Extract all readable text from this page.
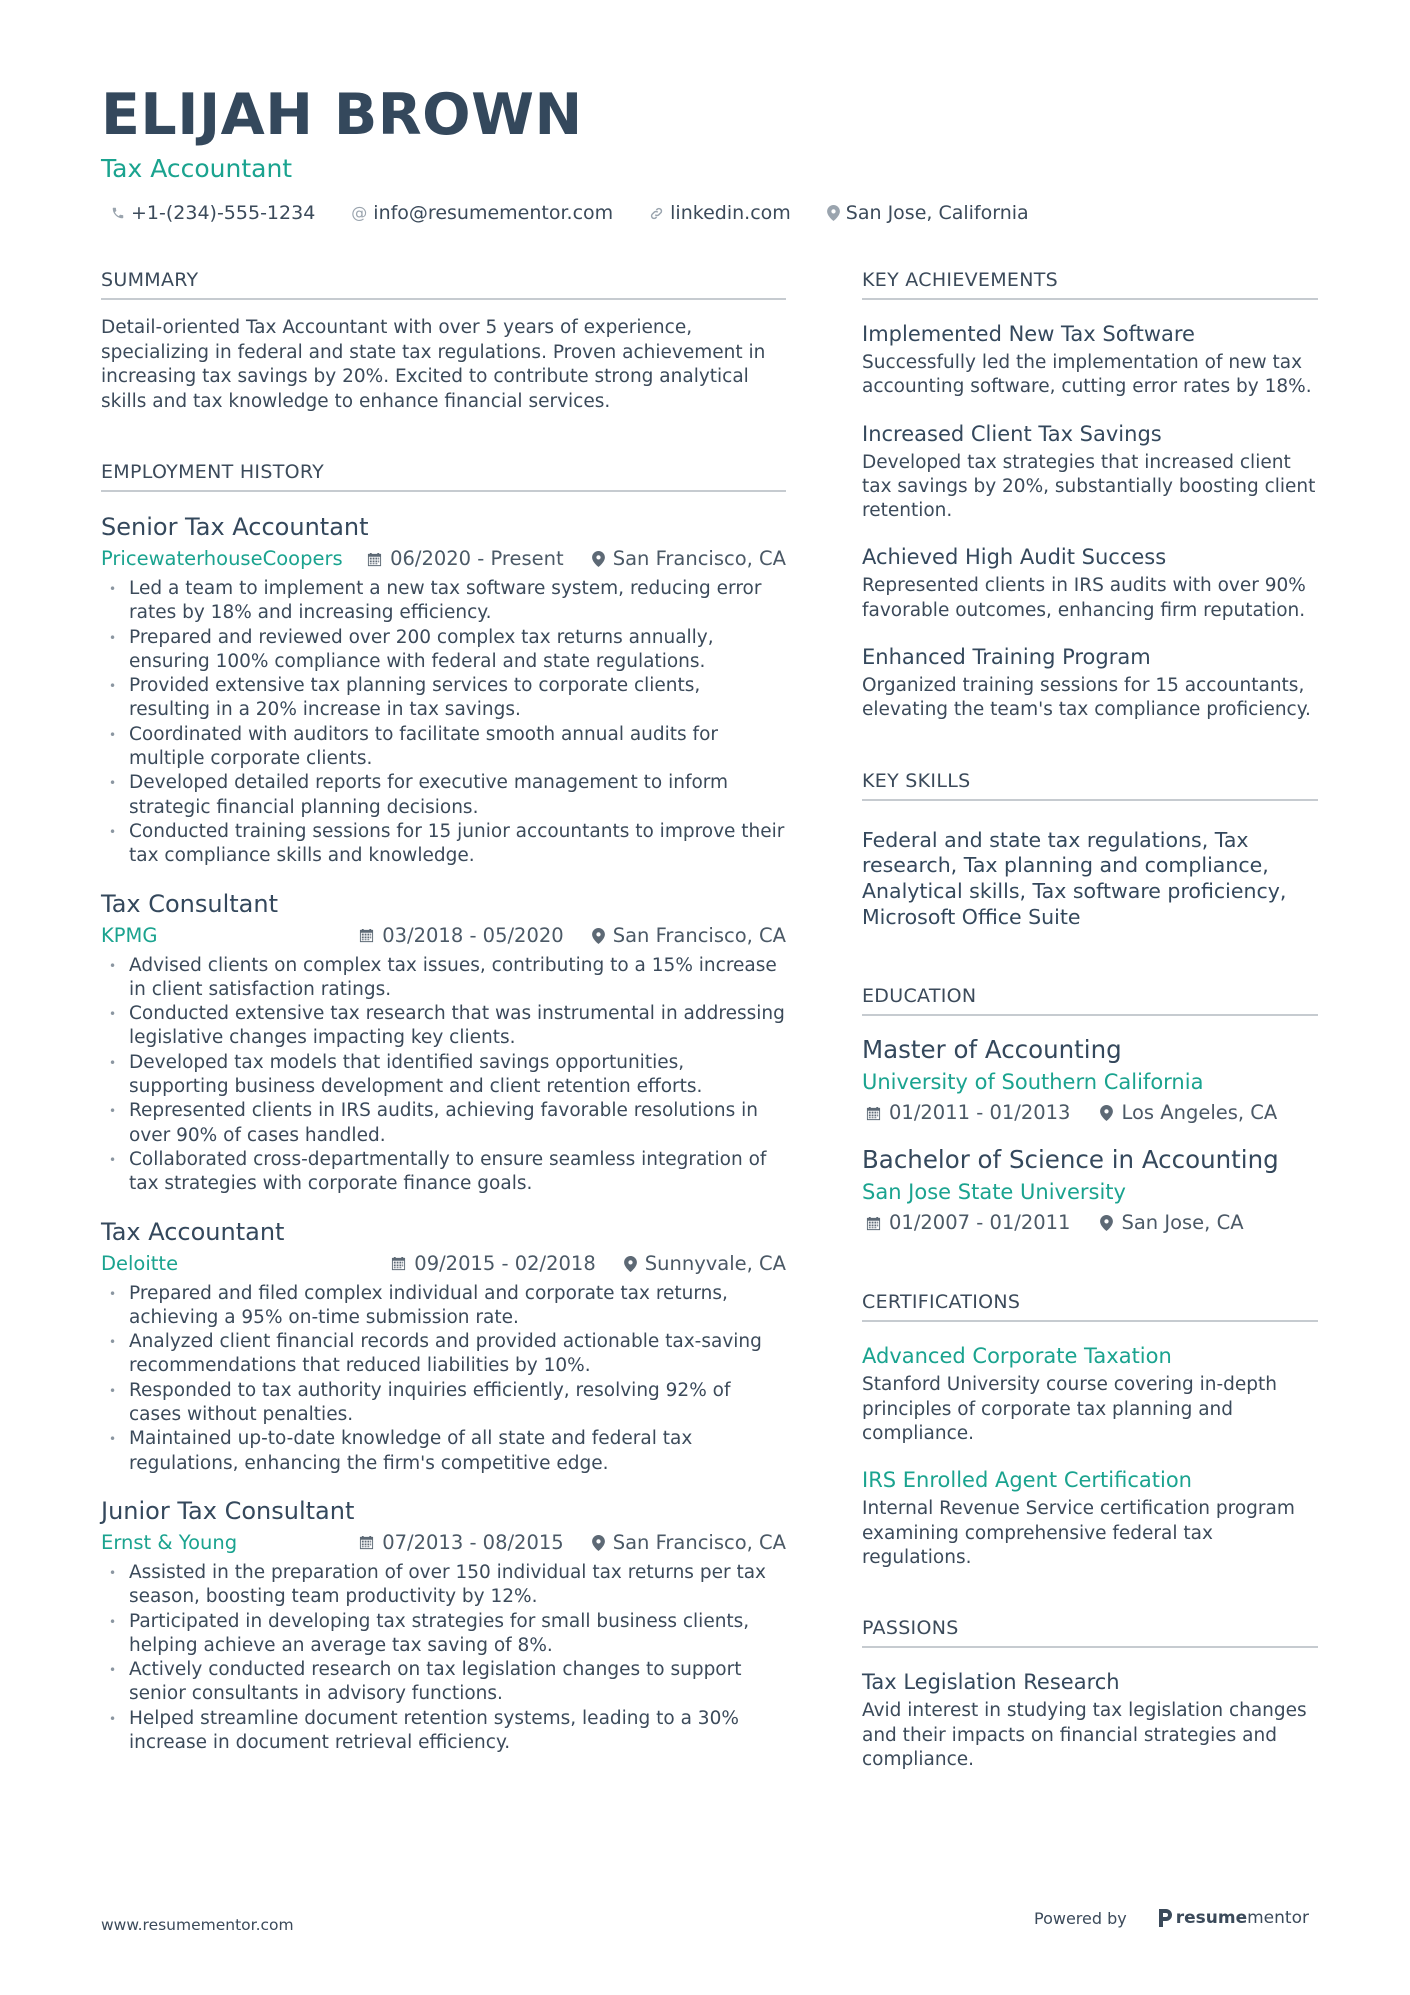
ELIJAH BROWN
Tax Accountant
+1-(234)-555-1234 @ info@resumementor.com	linkedin.com	San Jose, California
SUMMARY
Detail-oriented Tax Accountant with over 5 years of experience, specializing in federal and state tax regulations. Proven achievement in increasing tax savings by 20%. Excited to contribute strong analytical skills and tax knowledge to enhance financial services.
EMPLOYMENT HISTORY
Senior Tax Accountant
PricewaterhouseCoopers	06/2020 - Present	San Francisco, CA
• Led a team to implement a new tax software system, reducing error rates by 18% and increasing efficiency.
• Prepared and reviewed over 200 complex tax returns annually, ensuring 100% compliance with federal and state regulations.
• Provided extensive tax planning services to corporate clients, resulting in a 20% increase in tax savings.
• Coordinated with auditors to facilitate smooth annual audits for multiple corporate clients.
• Developed detailed reports for executive management to inform strategic financial planning decisions.
• Conducted training sessions for 15 junior accountants to improve their tax compliance skills and knowledge.
Tax Consultant
KPMG	03/2018 - 05/2020	San Francisco, CA
• Advised clients on complex tax issues, contributing to a 15% increase in client satisfaction ratings.
• Conducted extensive tax research that was instrumental in addressing legislative changes impacting key clients.
• Developed tax models that identified savings opportunities, supporting business development and client retention efforts.
• Represented clients in IRS audits, achieving favorable resolutions in over 90% of cases handled.
• Collaborated cross-departmentally to ensure seamless integration of tax strategies with corporate finance goals.
Tax Accountant
Deloitte	09/2015 - 02/2018	Sunnyvale, CA
• Prepared and filed complex individual and corporate tax returns, achieving a 95% on-time submission rate.
• Analyzed client financial records and provided actionable tax-saving recommendations that reduced liabilities by 10%.
• Responded to tax authority inquiries efficiently, resolving 92% of cases without penalties.
• Maintained up-to-date knowledge of all state and federal tax regulations, enhancing the firm's competitive edge.
Junior Tax Consultant
Ernst & Young	07/2013 - 08/2015	San Francisco, CA
• Assisted in the preparation of over 150 individual tax returns per tax season, boosting team productivity by 12%.
• Participated in developing tax strategies for small business clients, helping achieve an average tax saving of 8%.
• Actively conducted research on tax legislation changes to support senior consultants in advisory functions.
• Helped streamline document retention systems, leading to a 30% increase in document retrieval efficiency.
KEY ACHIEVEMENTS
Implemented New Tax Software
Successfully led the implementation of new tax accounting software, cutting error rates by 18%.
Increased Client Tax Savings
Developed tax strategies that increased client tax savings by 20%, substantially boosting client retention.
Achieved High Audit Success
Represented clients in IRS audits with over 90% favorable outcomes, enhancing firm reputation.
Enhanced Training Program
Organized training sessions for 15 accountants, elevating the team's tax compliance proficiency.
KEY SKILLS
Federal and state tax regulations, Tax research, Tax planning and compliance, Analytical skills, Tax software proficiency, Microsoft Office Suite
EDUCATION
Master of Accounting
University of Southern California
01/2011 - 01/2013	Los Angeles, CA
Bachelor of Science in Accounting
San Jose State University
01/2007 - 01/2011	San Jose, CA
CERTIFICATIONS
Advanced Corporate Taxation
Stanford University course covering in-depth principles of corporate tax planning and compliance.
IRS Enrolled Agent Certification
Internal Revenue Service certification program examining comprehensive federal tax regulations.
PASSIONS
Tax Legislation Research
Avid interest in studying tax legislation changes and their impacts on financial strategies and compliance.
www.resumementor.com	Powered by	resume mentor
